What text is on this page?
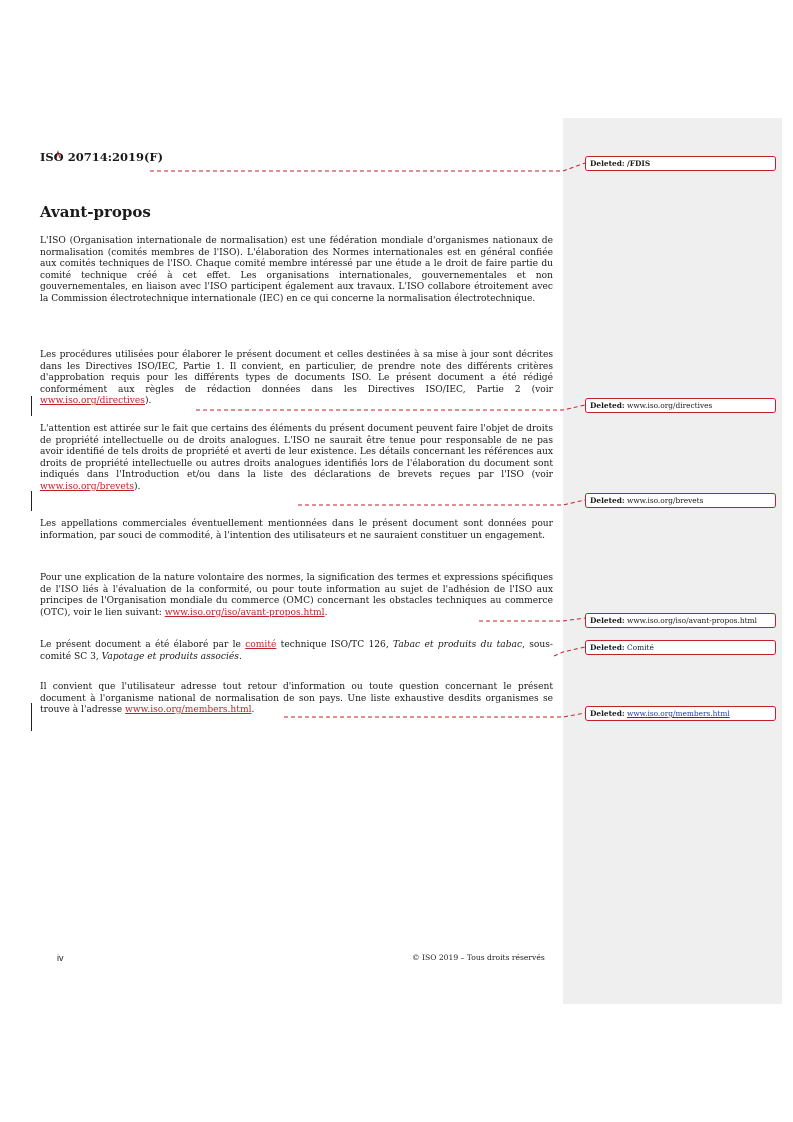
ISO 20714:2019(F)
Avant-propos

L'ISO (Organisation internationale de normalisation) est une fédération mondiale d'organismes nationaux de normalisation (comités membres de l'ISO). L'élaboration des Normes internationales est en général confiée aux comités techniques de l'ISO. Chaque comité membre intéressé par une étude a le droit de faire partie du comité technique créé à cet effet. Les organisations internationales, gouvernementales et non gouvernementales, en liaison avec l'ISO participent également aux travaux. L'ISO collabore étroitement avec la Commission électrotechnique internationale (IEC) en ce qui concerne la normalisation électrotechnique.

Les procédures utilisées pour élaborer le présent document et celles destinées à sa mise à jour sont décrites dans les Directives ISO/IEC, Partie 1. Il convient, en particulier, de prendre note des différents critères d'approbation requis pour les différents types de documents ISO. Le présent document a été rédigé conformément aux règles de rédaction données dans les Directives ISO/IEC, Partie 2 (voir www.iso.org/directives).

L'attention est attirée sur le fait que certains des éléments du présent document peuvent faire l'objet de droits de propriété intellectuelle ou de droits analogues. L'ISO ne saurait être tenue pour responsable de ne pas avoir identifié de tels droits de propriété et averti de leur existence. Les détails concernant les références aux droits de propriété intellectuelle ou autres droits analogues identifiés lors de l'élaboration du document sont indiqués dans l'Introduction et/ou dans la liste des déclarations de brevets reçues par l'ISO (voir www.iso.org/brevets).

Les appellations commerciales éventuellement mentionnées dans le présent document sont données pour information, par souci de commodité, à l'intention des utilisateurs et ne sauraient constituer un engagement.

Pour une explication de la nature volontaire des normes, la signification des termes et expressions spécifiques de l'ISO liés à l'évaluation de la conformité, ou pour toute information au sujet de l'adhésion de l'ISO aux principes de l'Organisation mondiale du commerce (OMC) concernant les obstacles techniques au commerce (OTC), voir le lien suivant: www.iso.org/iso/avant-propos.html.

Le présent document a été élaboré par le comité technique ISO/TC 126, Tabac et produits du tabac, sous-comité SC 3, Vapotage et produits associés.

Il convient que l'utilisateur adresse tout retour d'information ou toute question concernant le présent document à l'organisme national de normalisation de son pays. Une liste exhaustive desdits organismes se trouve à l'adresse www.iso.org/members.html.

Deleted: /FDIS
Deleted: www.iso.org/directives
Deleted: www.iso.org/brevets
Deleted: www.iso.org/iso/avant-propos.html
Deleted: Comité
Deleted: www.iso.org/members.html
iv	© ISO 2019 – Tous droits réservés
